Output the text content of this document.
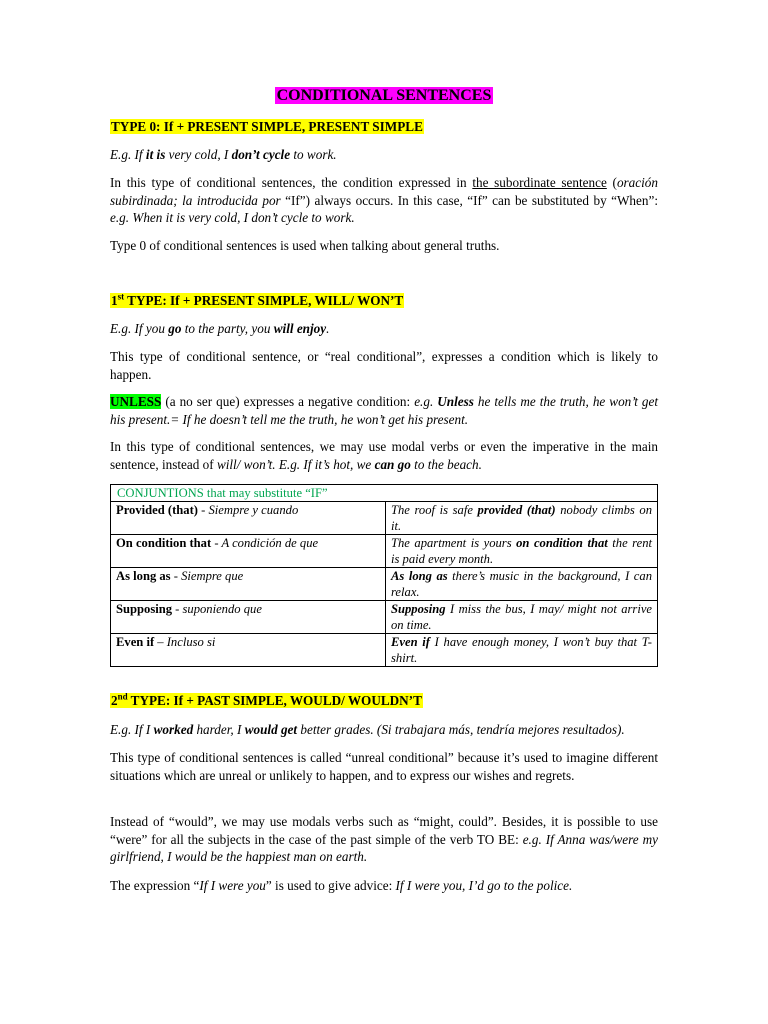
CONDITIONAL SENTENCES
TYPE 0: If + PRESENT SIMPLE, PRESENT SIMPLE
E.g. If it is very cold, I don’t cycle to work.
In this type of conditional sentences, the condition expressed in the subordinate sentence (oración subirdinada; la introducida por “If”) always occurs. In this case, “If” can be substituted by “When”: e.g. When it is very cold, I don’t cycle to work.
Type 0 of conditional sentences is used when talking about general truths.
1st TYPE: If + PRESENT SIMPLE, WILL/ WON’T
E.g. If you go to the party, you will enjoy.
This type of conditional sentence, or “real conditional”, expresses a condition which is likely to happen.
UNLESS (a no ser que) expresses a negative condition: e.g. Unless he tells me the truth, he won’t get his present.= If he doesn’t tell me the truth, he won’t get his present.
In this type of conditional sentences, we may use modal verbs or even the imperative in the main sentence, instead of will/ won’t. E.g. If it’s hot, we can go to the beach.
CONJUNTIONS that may substitute “IF”	
Provided (that) - Siempre y cuando	The roof is safe provided (that) nobody climbs on it.
On condition that - A condición de que	The apartment is yours on condition that the rent is paid every month.
As long as - Siempre que	As long as there’s music in the background, I can relax.
Supposing - suponiendo que	Supposing I miss the bus, I may/ might not arrive on time.
Even if – Incluso si	Even if I have enough money, I won’t buy that T-shirt.
2nd TYPE: If + PAST SIMPLE, WOULD/ WOULDN’T
E.g. If I worked harder, I would get better grades. (Si trabajara más, tendría mejores resultados).
This type of conditional sentences is called “unreal conditional” because it’s used to imagine different situations which are unreal or unlikely to happen, and to express our wishes and regrets.
Instead of “would”, we may use modals verbs such as “might, could”. Besides, it is possible to use “were” for all the subjects in the case of the past simple of the verb TO BE: e.g. If Anna was/were my girlfriend, I would be the happiest man on earth.
The expression “If I were you” is used to give advice: If I were you, I’d go to the police.
